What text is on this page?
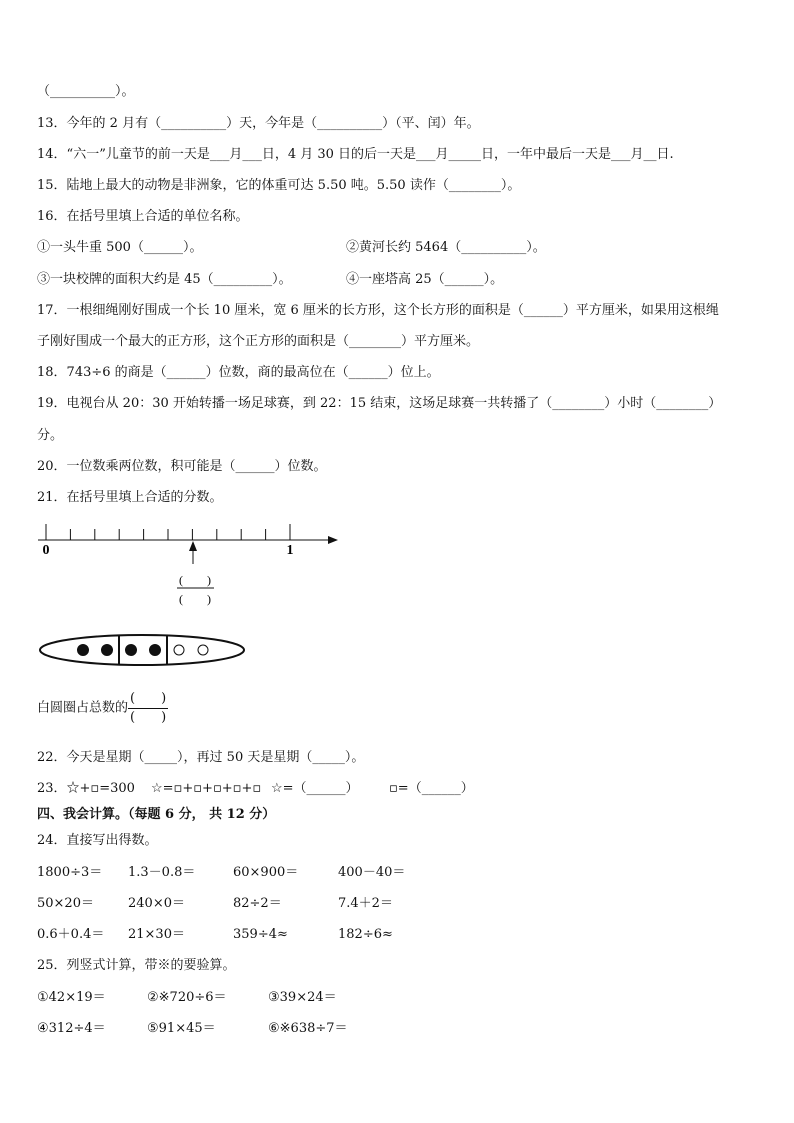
（__________）。
13．今年的 2 月有（__________）天，今年是（__________）（平、闰）年。
14．“六一”儿童节的前一天是___月___日，4 月 30 日的后一天是___月_____日，一年中最后一天是___月__日.
15．陆地上最大的动物是非洲象，它的体重可达 5.50 吨。5.50 读作（________）。
16．在括号里填上合适的单位名称。
①一头牛重 500（______）。	②黄河长约 5464（__________）。
③一块校牌的面积大约是 45（_________）。	④一座塔高 25（______）。
17．一根细绳刚好围成一个长 10 厘米，宽 6 厘米的长方形，这个长方形的面积是（______）平方厘米，如果用这根绳
子刚好围成一个最大的正方形，这个正方形的面积是（________）平方厘米。
18．743÷6 的商是（______）位数，商的最高位在（______）位上。
19．电视台从 20：30 开始转播一场足球赛，到 22：15 结束，这场足球赛一共转播了（________）小时（________）
分。
20．一位数乘两位数，积可能是（______）位数。
21．在括号里填上合适的分数。
0	1
(　　)
(　　)
白圆圈占总数的 $\frac{( )}{( )}$
22．今天是星期（_____），再过 50 天是星期（_____）。
23．☆+▫=300 ☆=▫+▫+▫+▫+▫ ☆=（______） ▫=（______）
四、我会计算。（每题 6 分， 共 12 分）
24．直接写出得数。
1800÷3＝ 1.3－0.8＝	60×900＝	400－40＝
50×20＝	240×0＝	82÷2＝	7.4＋2＝
0.6＋0.4＝ 21×30＝	359÷4≈	182÷6≈
25．列竖式计算，带※的要验算。
①42×19＝	②※720÷6＝	③39×24＝
④312÷4＝	⑤91×45＝	⑥※638÷7＝
